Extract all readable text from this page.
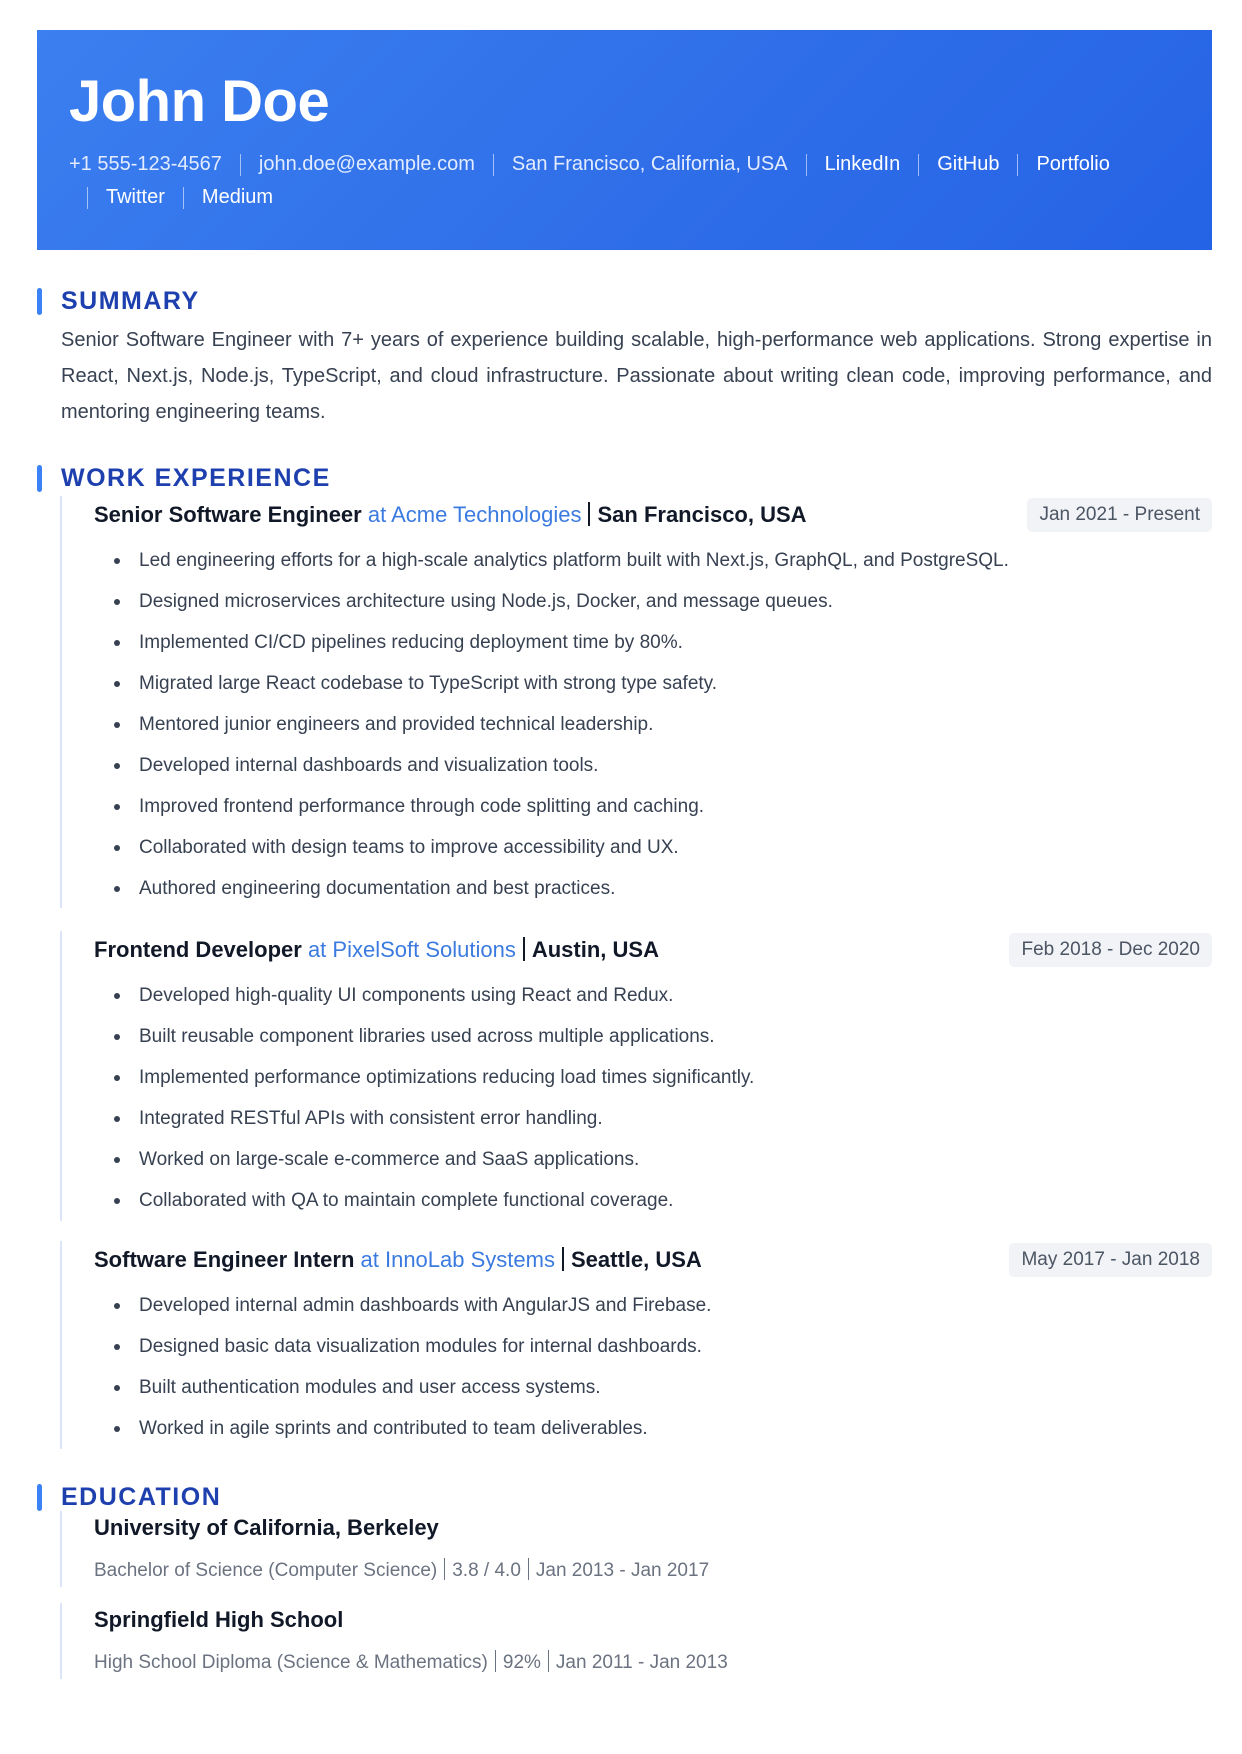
John Doe
+1 555-123-4567 john.doe@example.com San Francisco, California, USA LinkedIn GitHub Portfolio
Twitter Medium
SUMMARY

Senior Software Engineer with 7+ years of experience building scalable, high-performance web applications. Strong expertise in React, Next.js, Node.js, TypeScript, and cloud infrastructure. Passionate about writing clean code, improving performance, and mentoring engineering teams.

WORK EXPERIENCE
Senior Software Engineer at Acme Technologies San Francisco, USA	Jan 2021 - Present
Led engineering efforts for a high-scale analytics platform built with Next.js, GraphQL, and PostgreSQL.
Designed microservices architecture using Node.js, Docker, and message queues.
Implemented CI/CD pipelines reducing deployment time by 80%.
Migrated large React codebase to TypeScript with strong type safety.
Mentored junior engineers and provided technical leadership.
Developed internal dashboards and visualization tools.
Improved frontend performance through code splitting and caching.
Collaborated with design teams to improve accessibility and UX.
Authored engineering documentation and best practices.
Frontend Developer at PixelSoft Solutions Austin, USA	Feb 2018 - Dec 2020
Developed high-quality UI components using React and Redux.
Built reusable component libraries used across multiple applications.
Implemented performance optimizations reducing load times significantly.
Integrated RESTful APIs with consistent error handling.
Worked on large-scale e-commerce and SaaS applications.
Collaborated with QA to maintain complete functional coverage.
Software Engineer Intern at InnoLab Systems Seattle, USA	May 2017 - Jan 2018
Developed internal admin dashboards with AngularJS and Firebase.
Designed basic data visualization modules for internal dashboards.
Built authentication modules and user access systems.
Worked in agile sprints and contributed to team deliverables.
EDUCATION
University of California, Berkeley
Bachelor of Science (Computer Science) 3.8 / 4.0 Jan 2013 - Jan 2017
Springfield High School
High School Diploma (Science & Mathematics) 92% Jan 2011 - Jan 2013
